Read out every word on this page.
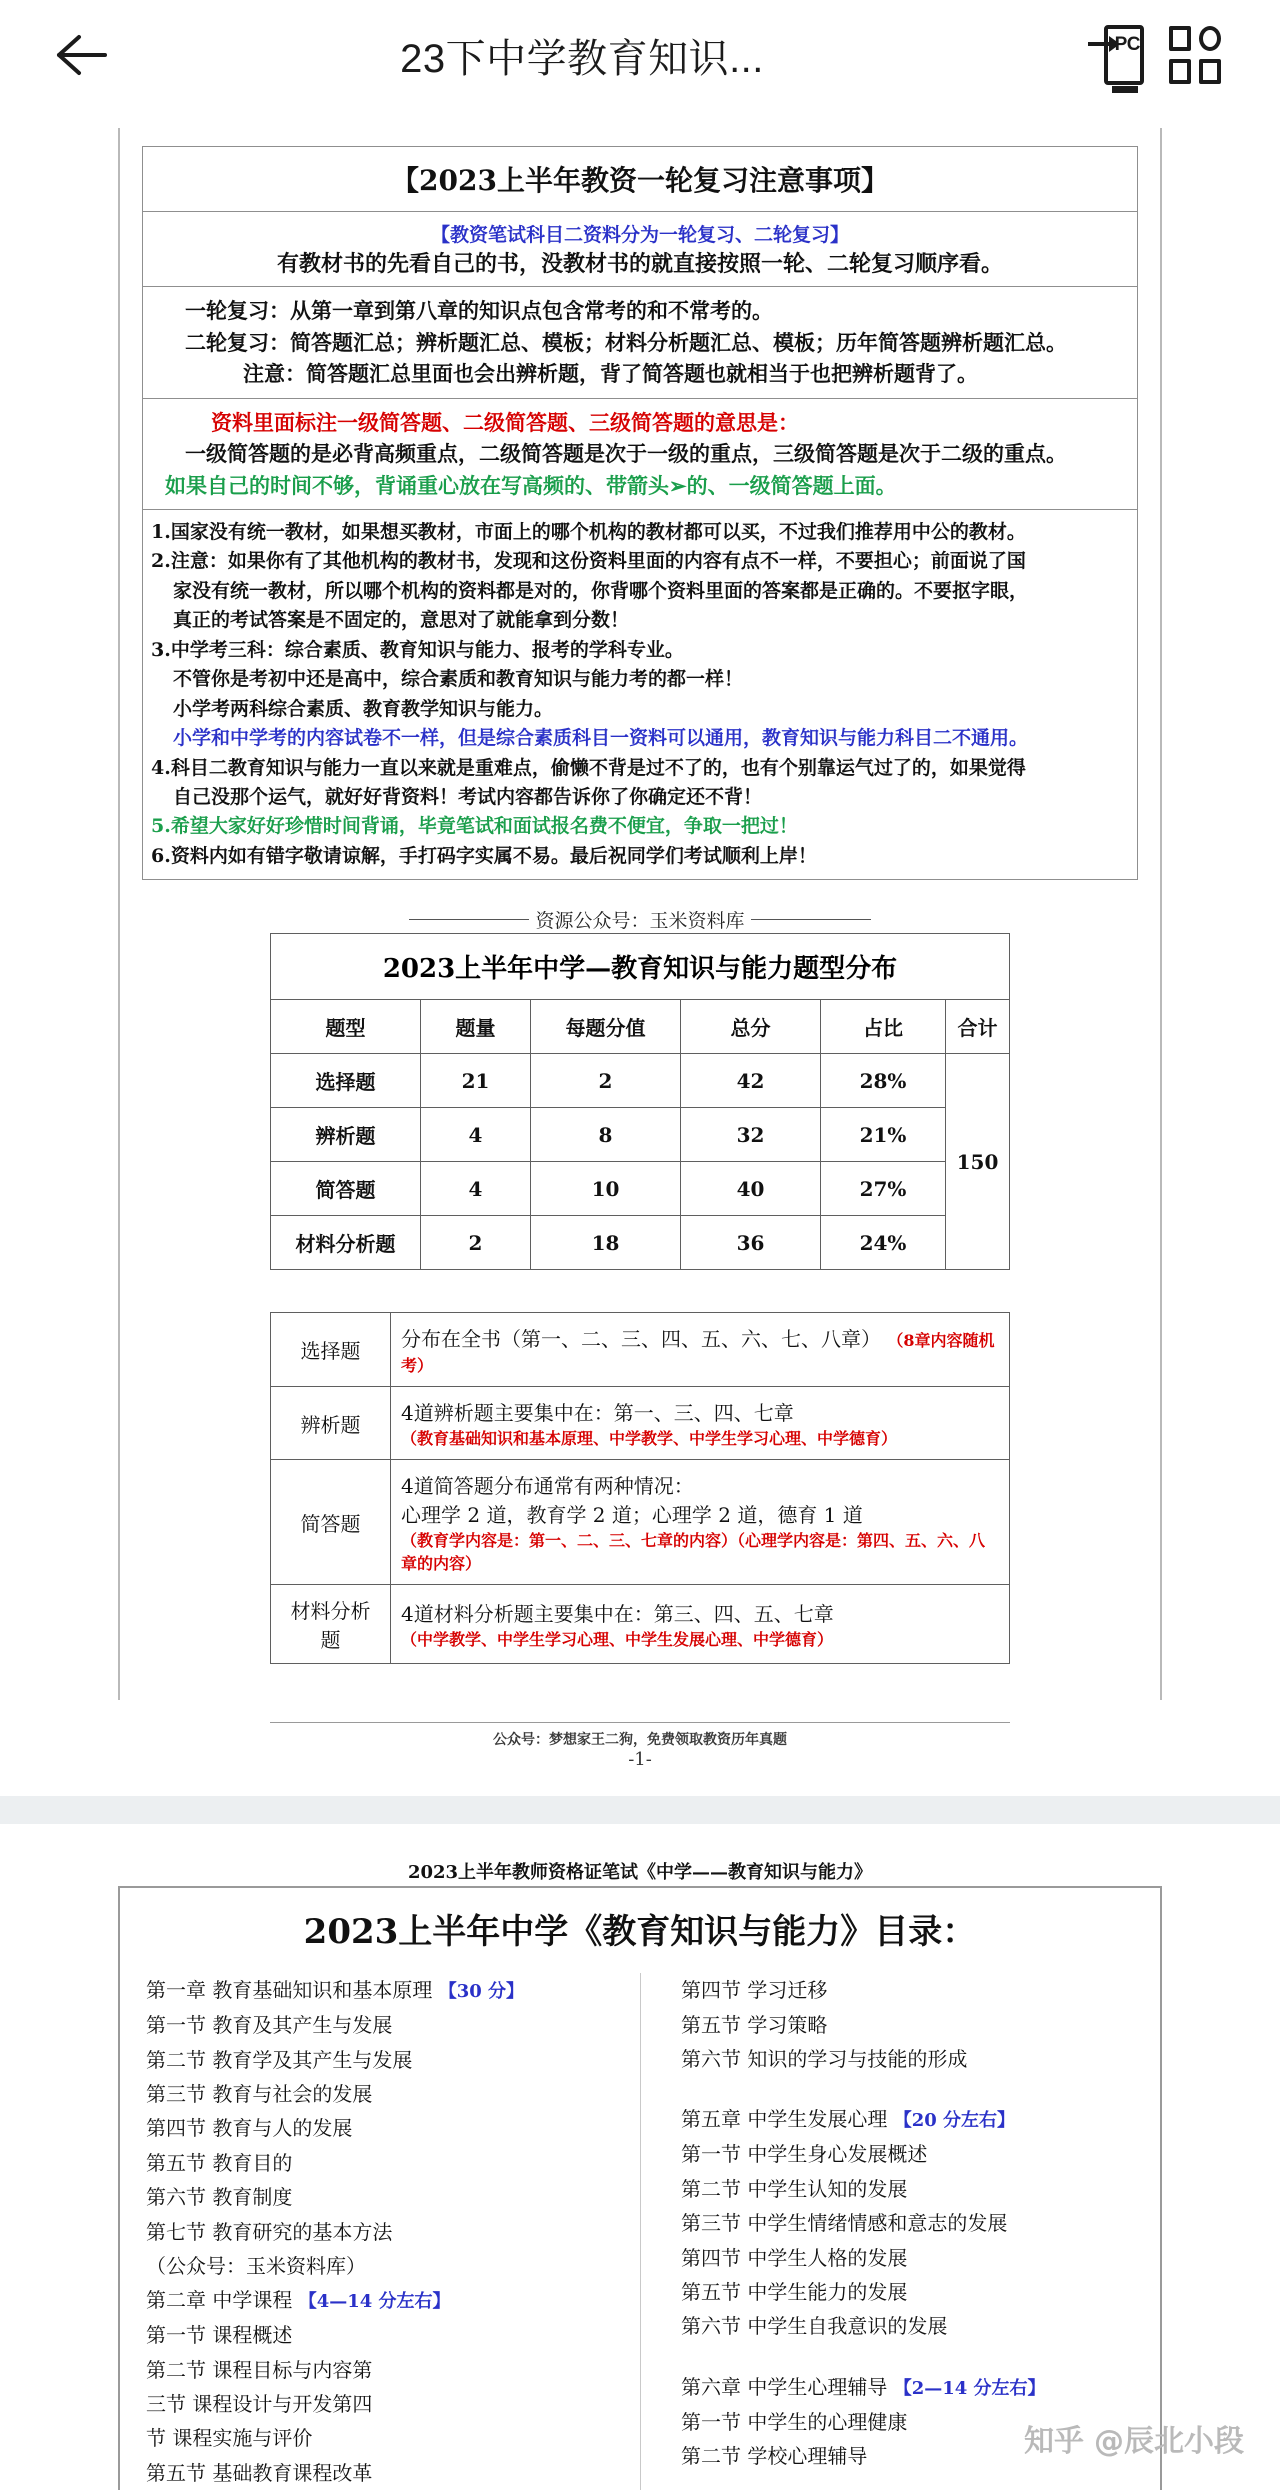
23下中学教育知识...	PC
【2023上半年教资一轮复习注意事项】

【教资笔试科目二资料分为一轮复习、二轮复习】
有教材书的先看自己的书，没教材书的就直接按照一轮、二轮复习顺序看。

一轮复习：从第一章到第八章的知识点包含常考的和不常考的。
二轮复习：简答题汇总；辨析题汇总、模板；材料分析题汇总、模板；历年简答题辨析题汇总。
注意：简答题汇总里面也会出辨析题，背了简答题也就相当于也把辨析题背了。

资料里面标注一级简答题、二级简答题、三级简答题的意思是：
一级简答题的是必背高频重点，二级简答题是次于一级的重点，三级简答题是次于二级的重点。
如果自己的时间不够，背诵重心放在写高频的、带箭头➢的、一级简答题上面。

1.国家没有统一教材，如果想买教材，市面上的哪个机构的教材都可以买，不过我们推荐用中公的教材。
2.注意：如果你有了其他机构的教材书，发现和这份资料里面的内容有点不一样，不要担心；前面说了国
家没有统一教材，所以哪个机构的资料都是对的，你背哪个资料里面的答案都是正确的。不要抠字眼，
真正的考试答案是不固定的，意思对了就能拿到分数！
3.中学考三科：综合素质、教育知识与能力、报考的学科专业。
不管你是考初中还是高中，综合素质和教育知识与能力考的都一样！
小学考两科综合素质、教育教学知识与能力。
小学和中学考的内容试卷不一样，但是综合素质科目一资料可以通用，教育知识与能力科目二不通用。
4.科目二教育知识与能力一直以来就是重难点，偷懒不背是过不了的，也有个别靠运气过了的，如果觉得
自己没那个运气，就好好背资料！考试内容都告诉你了你确定还不背！
5.希望大家好好珍惜时间背诵，毕竟笔试和面试报名费不便宜，争取一把过！
6.资料内如有错字敬请谅解，手打码字实属不易。最后祝同学们考试顺利上岸！
资源公众号：玉米资料库
2023上半年中学—教育知识与能力题型分布
题型	题量	每题分值	总分	占比	合计
选择题	21	2	42	28%	150
辨析题	4	8	32	21%	
简答题	4	10	40	27%	
材料分析题	2	18	36	24%	
选择题	分布在全书（第一、二、三、四、五、六、七、八章） （8章内容随机考）
辨析题	4道辨析题主要集中在：第一、三、四、七章
（教育基础知识和基本原理、中学教学、中学生学习心理、中学德育）

简答题	4道简答题分布通常有两种情况：
心理学 2 道，教育学 2 道；心理学 2 道，德育 1 道
（教育学内容是：第一、二、三、七章的内容）（心理学内容是：第四、五、六、八章的内容）

材料分析题	4道材料分析题主要集中在：第三、四、五、七章
（中学教学、中学生学习心理、中学生发展心理、中学德育）
公众号：梦想家王二狗，免费领取教资历年真题
-1-
2023上半年教师资格证笔试《中学——教育知识与能力》
2023上半年中学《教育知识与能力》目录：
第一章 教育基础知识和基本原理 【30 分】
第一节 教育及其产生与发展
第二节 教育学及其产生与发展
第三节 教育与社会的发展
第四节 教育与人的发展
第五节 教育目的
第六节 教育制度
第七节 教育研究的基本方法
（公众号：玉米资料库）
第二章 中学课程 【4—14 分左右】
第一节 课程概述
第二节 课程目标与内容第
三节 课程设计与开发第四
节 课程实施与评价
第五节 基础教育课程改革
第四节 学习迁移
第五节 学习策略
第六节 知识的学习与技能的形成
第五章 中学生发展心理 【20 分左右】
第一节 中学生身心发展概述
第二节 中学生认知的发展
第三节 中学生情绪情感和意志的发展
第四节 中学生人格的发展
第五节 中学生能力的发展
第六节 中学生自我意识的发展
第六章 中学生心理辅导 【2—14 分左右】
第一节 中学生的心理健康
第二节 学校心理辅导	知乎 @辰北小段
